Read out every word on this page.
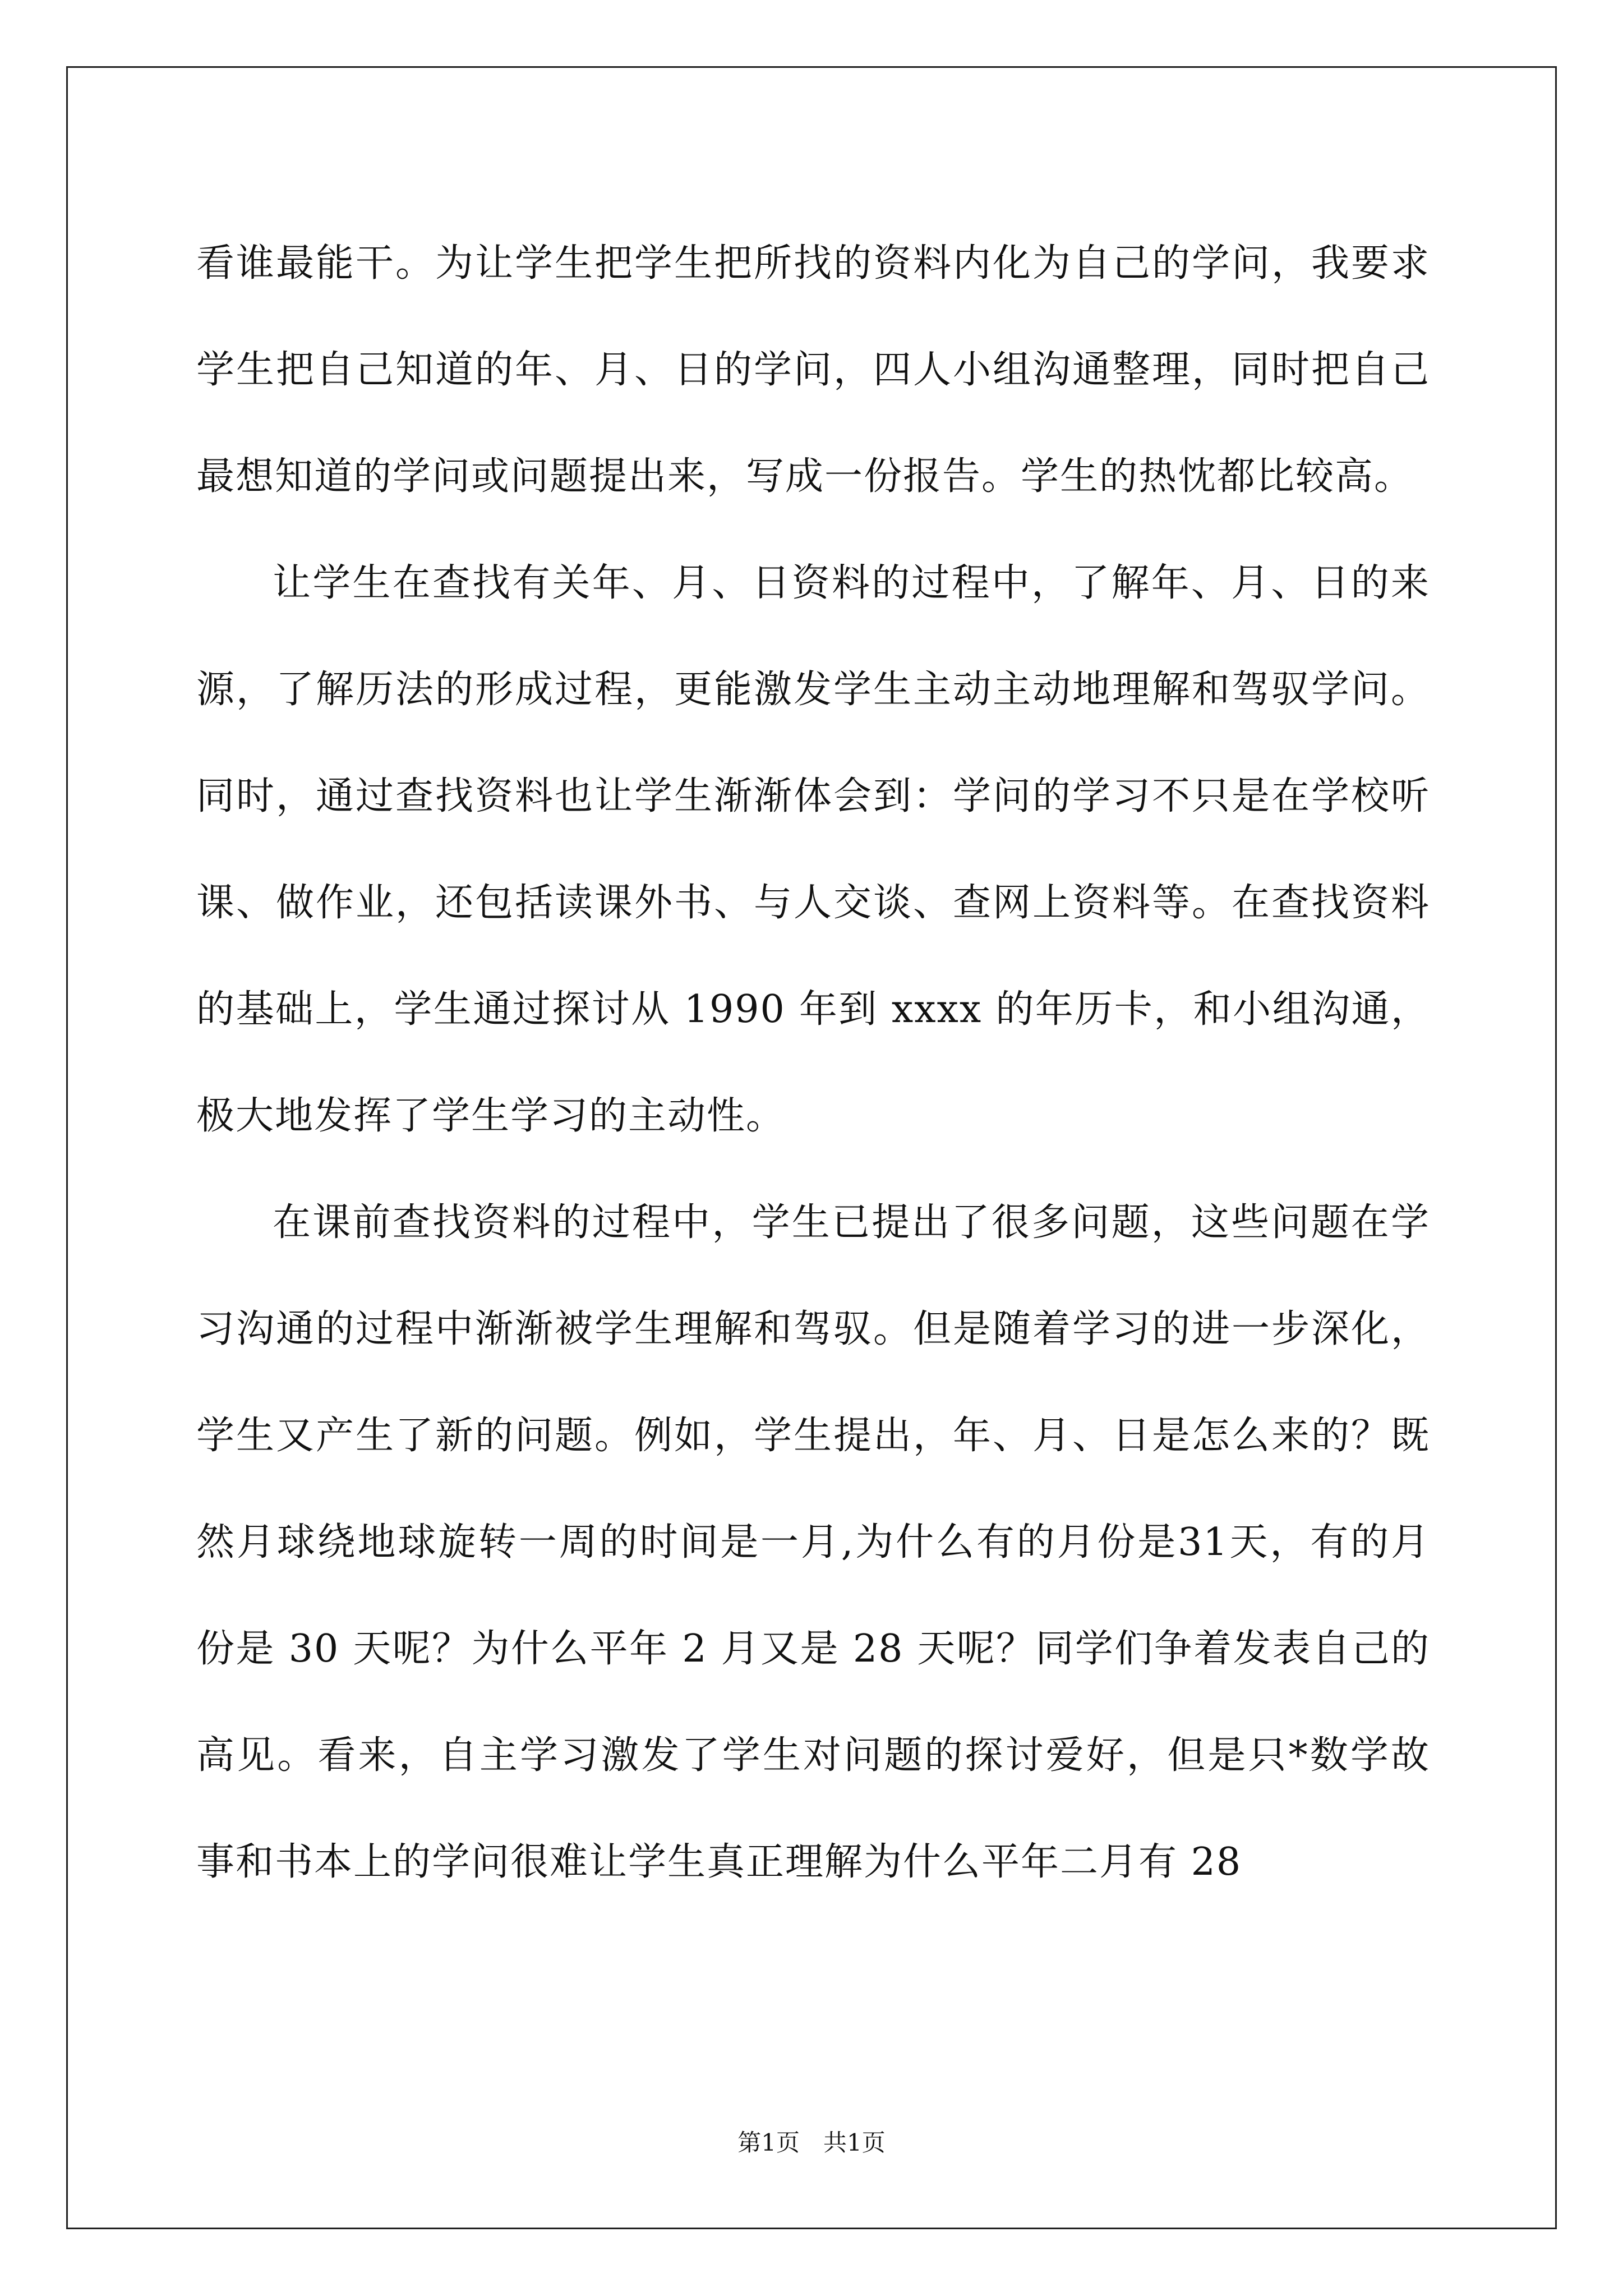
看谁最能干。为让学生把学生把所找的资料内化为自己的学问，我要求学生把自己知道的年、月、日的学问，四人小组沟通整理，同时把自己最想知道的学问或问题提出来，写成一份报告。学生的热忱都比较高。

让学生在查找有关年、月、日资料的过程中，了解年、月、日的来源，了解历法的形成过程，更能激发学生主动主动地理解和驾驭学问。同时，通过查找资料也让学生渐渐体会到：学问的学习不只是在学校听课、做作业，还包括读课外书、与人交谈、查网上资料等。在查找资料的基础上，学生通过探讨从 1990 年到 xxxx 的年历卡，和小组沟通，极大地发挥了学生学习的主动性。

在课前查找资料的过程中，学生已提出了很多问题，这些问题在学习沟通的过程中渐渐被学生理解和驾驭。但是随着学习的进一步深化，学生又产生了新的问题。例如，学生提出，年、月、日是怎么来的？既然月球绕地球旋转一周的时间是一月,为什么有的月份是31天，有的月份是 30 天呢？为什么平年 2 月又是 28 天呢？同学们争着发表自己的高见。看来，自主学习激发了学生对问题的探讨爱好，但是只*数学故事和书本上的学问很难让学生真正理解为什么平年二月有 28

第1页　共1页
